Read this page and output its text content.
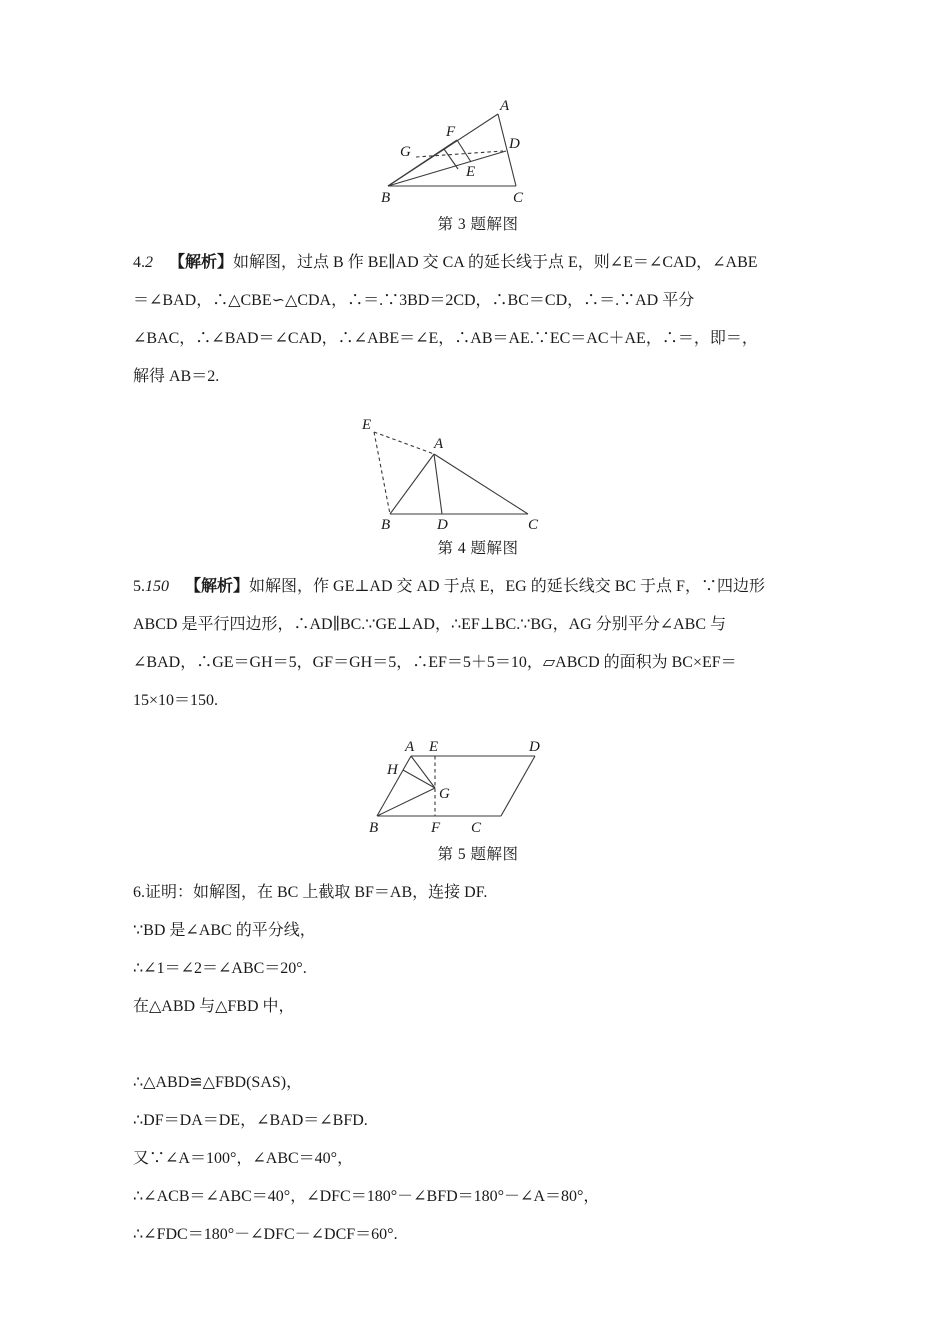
A
F
G	D
E
B	C
第 3 题解图
4.2 【解析】如解图，过点 B 作 BE∥AD 交 CA 的延长线于点 E，则∠E＝∠CAD，∠ABE
＝∠BAD，∴△CBE∽△CDA，∴＝.∵3BD＝2CD，∴BC＝CD，∴＝.∵AD 平分
∠BAC，∴∠BAD＝∠CAD，∴∠ABE＝∠E，∴AB＝AE.∵EC＝AC＋AE，∴＝，即＝，
解得 AB＝2.
E
A
B	D	C
第 4 题解图
5.150 【解析】如解图，作 GE⊥AD 交 AD 于点 E，EG 的延长线交 BC 于点 F，∵四边形
ABCD 是平行四边形，∴AD∥BC.∵GE⊥AD，∴EF⊥BC.∵BG，AG 分别平分∠ABC 与
∠BAD，∴GE＝GH＝5，GF＝GH＝5，∴EF＝5＋5＝10，▱ABCD 的面积为 BC×EF＝
15×10＝150.
A E	D
H
G
B	F C
第 5 题解图
6.证明：如解图，在 BC 上截取 BF＝AB，连接 DF.
∵BD 是∠ABC 的平分线，
∴∠1＝∠2＝∠ABC＝20°.
在△ABD 与△FBD 中，
∴△ABD≌△FBD(SAS)，
∴DF＝DA＝DE，∠BAD＝∠BFD.
又∵∠A＝100°，∠ABC＝40°，
∴∠ACB＝∠ABC＝40°，∠DFC＝180°－∠BFD＝180°－∠A＝80°，
∴∠FDC＝180°－∠DFC－∠DCF＝60°.
